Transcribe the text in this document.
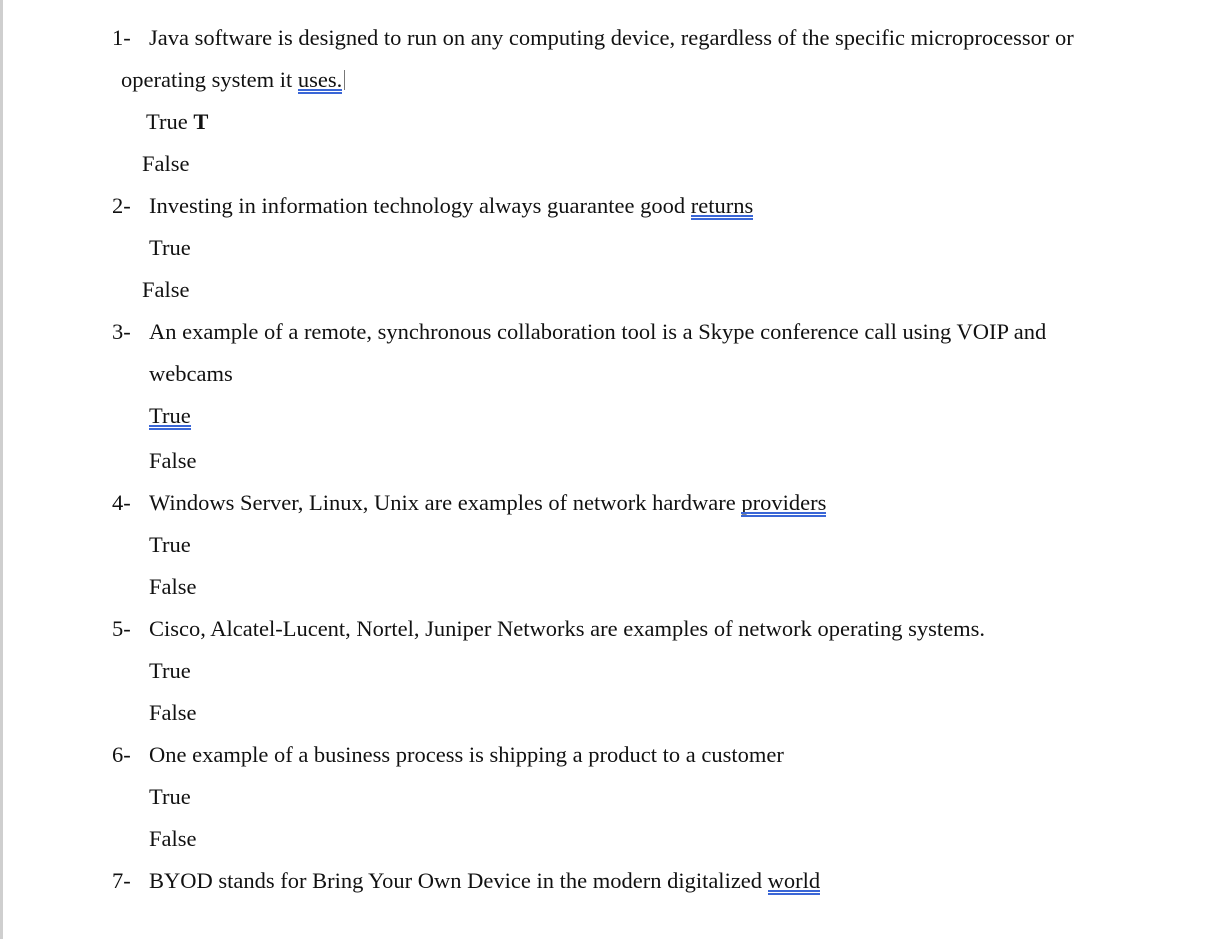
1- Java software is designed to run on any computing device, regardless of the specific microprocessor or
operating system it uses.
True T
False
2- Investing in information technology always guarantee good returns
True
False
3- An example of a remote, synchronous collaboration tool is a Skype conference call using VOIP and
webcams
True
False
4- Windows Server, Linux, Unix are examples of network hardware providers
True
False
5- Cisco, Alcatel-Lucent, Nortel, Juniper Networks are examples of network operating systems.
True
False
6- One example of a business process is shipping a product to a customer
True
False
7- BYOD stands for Bring Your Own Device in the modern digitalized world
